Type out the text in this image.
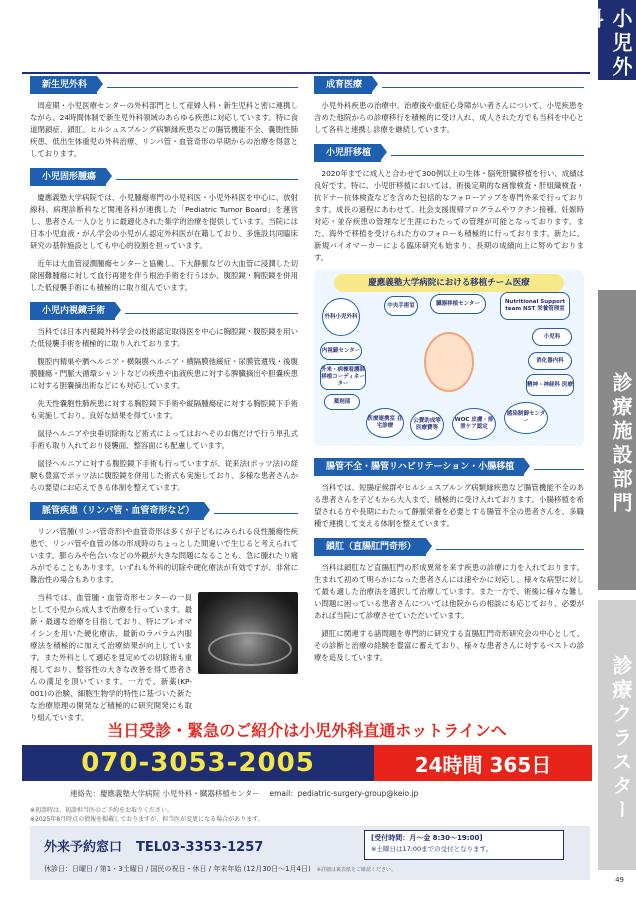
小児外科
診療施設部門
診療クラスター
新生児外科

周産期・小児医療センターの外科部門として産婦人科・新生児科と密に連携しながら、24時間体制で新生児外科領域のあらゆる疾患に対応しています。特に食道閉鎖症、鎖肛、ヒルシュスプルング病類縁疾患などの腸管機能不全、嚢胞性肺疾患、低出生体重児の外科治療、リンパ管・血管奇形の早期からの治療を得意としております。

小児固形腫瘍

慶應義塾大学病院では、小児腫瘍専門の小児科医・小児外科医を中心に、放射線科、病理診断科など関連各科が連携した「Pediatric Tumor Board」を運営し、患者さん一人ひとりに最適化された集学的治療を提供しています。当院には日本小児血液・がん学会の小児がん認定外科医が在籍しており、多施設共同臨床研究の基幹施設としても中心的役割を担っています。

近年は大血管浸潤腫瘍センターと協働し、下大静脈などの大血管に浸潤した切除困難腫瘍に対して血行再建を伴う根治手術を行うほか、腹腔鏡・胸腔鏡を併用した低侵襲手術にも積極的に取り組んでいます。

小児内視鏡手術

当科では日本内視鏡外科学会の技術認定取得医を中心に胸腔鏡・腹腔鏡を用いた低侵襲手術を積極的に取り入れております。

腹腔内精巣や臍ヘルニア・横隔膜ヘルニア・横隔膜弛緩症・尿膜管遺残・後腹膜腫瘍・門脈大循環シャントなどの疾患や血液疾患に対する脾臓摘出や胆嚢疾患に対する胆嚢摘出術などにも対応しています。

先天性嚢胞性肺疾患に対する胸腔鏡下手術や縦隔腫瘍症に対する胸腔鏡下手術も実施しており、良好な結果を得ています。

鼠径ヘルニアや虫垂切除術など術式によってはおヘそのお傷だけで行う単孔式手術も取り入れており侵襲面、整容面にも配慮しています。

鼠径ヘルニアに対する腹腔鏡下手術も行っていますが、従来法(ポッツ法)の経験も豊富でポッツ法に腹腔鏡を併用した術式も実施しており、多様な患者さんからの要望にお応えできる体制を整えています。

脈管疾患（リンパ管・血管奇形など）

リンパ管腫(リンパ管奇形)や血管奇形は多くが子どもにみられる良性腫瘍性疾患で、リンパ管や血管の体の形成時のちょっとした間違いで生じると考えられています。膨らみや色合いなどの外観が大きな問題になることも、急に腫れたり痛みがでることもあります。いずれも外科的切除や硬化療法が有効ですが、非常に難治性の場合もあります。

当科では、血管腫・血管奇形センターの一員として小児から成人まで治療を行っています。最新・最適な治療を目指しており、特にブレオマイシンを用いた硬化療法、最新のラパラム内服療法を積極的に加えて治療結果が向上しています。また外科として適応を見定めての切除術も重視しており、整容性の大きな改善を得て患者さんの満足を頂いています。一方で、新薬(KP-001)の治験、細胞生物学的特性に基づいた新たな治療原理の開発など積極的に研究開発にも取り組んでいます。

成育医療

小児外科疾患の治療中、治療後や重症心身障がい者さんについて、小児疾患を含めた他院からの診療移行を積極的に受け入れ、成人された方でも当科を中心として各科と連携し診療を継続しています。

小児肝移植

2020年までに成人と合わせて300例以上の生体・脳死肝臓移植を行い、成績は良好です。特に、小児肝移植においては、術後定期的な画像検査・肝組織検査・抗ドナー抗体検査などを含めた包括的なフォローアップを専門外来で行っております。成長の過程にあわせて、社会支援復帰プログラムやワクチン接種、妊娠時対応・並存疾患の管理など生涯にわたっての管理が可能となっております。また、海外で移植を受けられた方のフォローも積極的に行っております。新たに、新規バイオマーカーによる臨床研究も始まり、長期の成績向上に努めております。

慶應義塾大学病院における移植チーム医療
外科小児外科
中央手術室	臓器移植センター	Nutritional Support team NST 栄養管理室
小児科
内視鏡センター
消化器内科
外来・病棟看護師 移植コーディネーター	精神・神経科 医療
薬剤部
医療連携室 在宅診療
公費助成等 医療費等
WOC 皮膚・排泄ケア認定
感染制御センター
腸管不全・腸管リハビリテーション・小腸移植

当科では、短腸症候群やヒルシュスプルング病類縁疾患など腸管機能不全のある患者さんを子どもから大人まで、積極的に受け入れております。小腸移植を希望される方や長期にわたって静脈栄養を必要とする腸管不全の患者さんを、多職種で連携して支える体制を整えています。

鎖肛（直腸肛門奇形）

当科は鎖肛など直腸肛門の形成異常を来す疾患の診療に力を入れております。生まれて初めて明らかになった患者さんには速やかに対応し、様々な病型に対して最も適した治療法を選択して治療しています。また一方で、術後に様々な難しい問題に困っている患者さんについては他院からの相談にも応じており、必要があれば当院にて診療させていただいています。

鎖肛に関連する諸問題を専門的に研究する直腸肛門奇形研究会の中心として、その診断と治療の経験を豊富に蓄えており、様々な患者さんに対するベストの診療を追及しています。

当日受診・緊急のご紹介は小児外科直通ホットラインへ
070-3053-2005	24時間 365日
連絡先：慶應義塾大学病院 小児外科・臓器移植センター　 email：pediatric-surgery-group@keio.jp
※初診時は、初診担当医のご予約をお取りください。
※2025年8月時点の情報を掲載しておりますが、担当医が変更になる場合があります。
外来予約窓口 TEL03-3353-1257
[受付時間：月～金 8:30～19:00]
※土曜日は17:00までの受付となります。
休診日：日曜日 / 第1・3土曜日 / 国民の祝日・休日 / 年末年始 (12月30日～1月4日) ※詳細は裏表紙をご確認ください。
49
